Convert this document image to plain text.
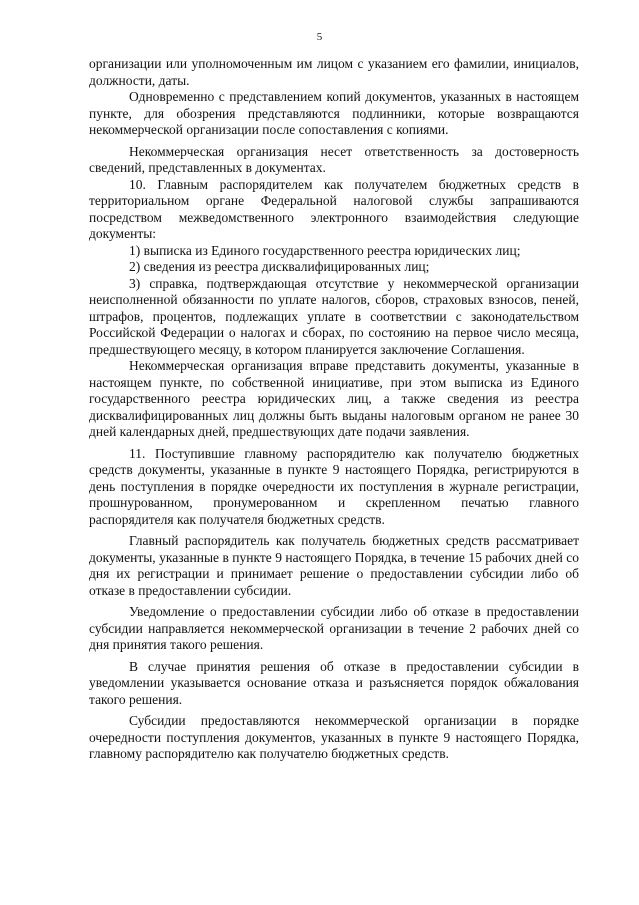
5

организации или уполномоченным им лицом с указанием его фамилии, инициалов, должности, даты.

Одновременно с представлением копий документов, указанных в настоящем пункте, для обозрения представляются подлинники, которые возвращаются некоммерческой организации после сопоставления с копиями.

Некоммерческая организация несет ответственность за достоверность сведений, представленных в документах.

10. Главным распорядителем как получателем бюджетных средств в территориальном органе Федеральной налоговой службы запрашиваются посредством межведомственного электронного взаимодействия следующие документы:

1) выписка из Единого государственного реестра юридических лиц;

2) сведения из реестра дисквалифицированных лиц;

3) справка, подтверждающая отсутствие у некоммерческой организации неисполненной обязанности по уплате налогов, сборов, страховых взносов, пеней, штрафов, процентов, подлежащих уплате в соответствии с законодательством Российской Федерации о налогах и сборах, по состоянию на первое число месяца, предшествующего месяцу, в котором планируется заключение Соглашения.

Некоммерческая организация вправе представить документы, указанные в настоящем пункте, по собственной инициативе, при этом выписка из Единого государственного реестра юридических лиц, а также сведения из реестра дисквалифицированных лиц должны быть выданы налоговым органом не ранее 30 дней календарных дней, предшествующих дате подачи заявления.

11. Поступившие главному распорядителю как получателю бюджетных средств документы, указанные в пункте 9 настоящего Порядка, регистрируются в день поступления в порядке очередности их поступления в журнале регистрации, прошнурованном, пронумерованном и скрепленном печатью главного распорядителя как получателя бюджетных средств.

Главный распорядитель как получатель бюджетных средств рассматривает документы, указанные в пункте 9 настоящего Порядка, в течение 15 рабочих дней со дня их регистрации и принимает решение о предоставлении субсидии либо об отказе в предоставлении субсидии.

Уведомление о предоставлении субсидии либо об отказе в предоставлении субсидии направляется некоммерческой организации в течение 2 рабочих дней со дня принятия такого решения.

В случае принятия решения об отказе в предоставлении субсидии в уведомлении указывается основание отказа и разъясняется порядок обжалования такого решения.

Субсидии предоставляются некоммерческой организации в порядке очередности поступления документов, указанных в пункте 9 настоящего Порядка, главному распорядителю как получателю бюджетных средств.
